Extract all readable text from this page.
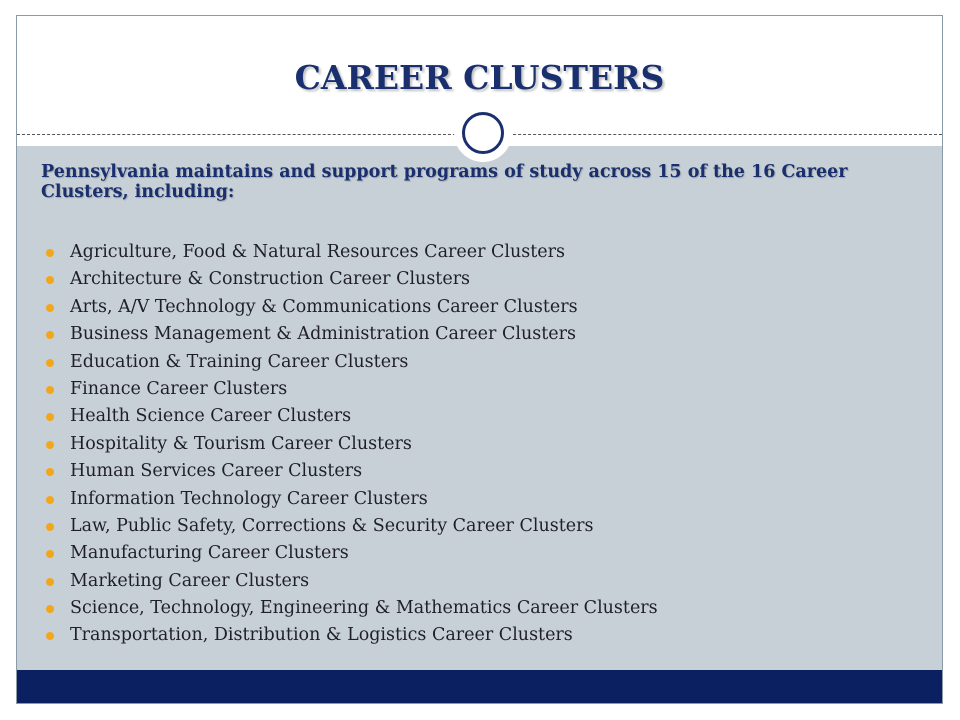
CAREER CLUSTERS

Pennsylvania maintains and support programs of study across 15 of the 16 Career Clusters, including:

Agriculture, Food & Natural Resources Career Clusters
Architecture & Construction Career Clusters
Arts, A/V Technology & Communications Career Clusters
Business Management & Administration Career Clusters
Education & Training Career Clusters
Finance Career Clusters
Health Science Career Clusters
Hospitality & Tourism Career Clusters
Human Services Career Clusters
Information Technology Career Clusters
Law, Public Safety, Corrections & Security Career Clusters
Manufacturing Career Clusters
Marketing Career Clusters
Science, Technology, Engineering & Mathematics Career Clusters
Transportation, Distribution & Logistics Career Clusters
